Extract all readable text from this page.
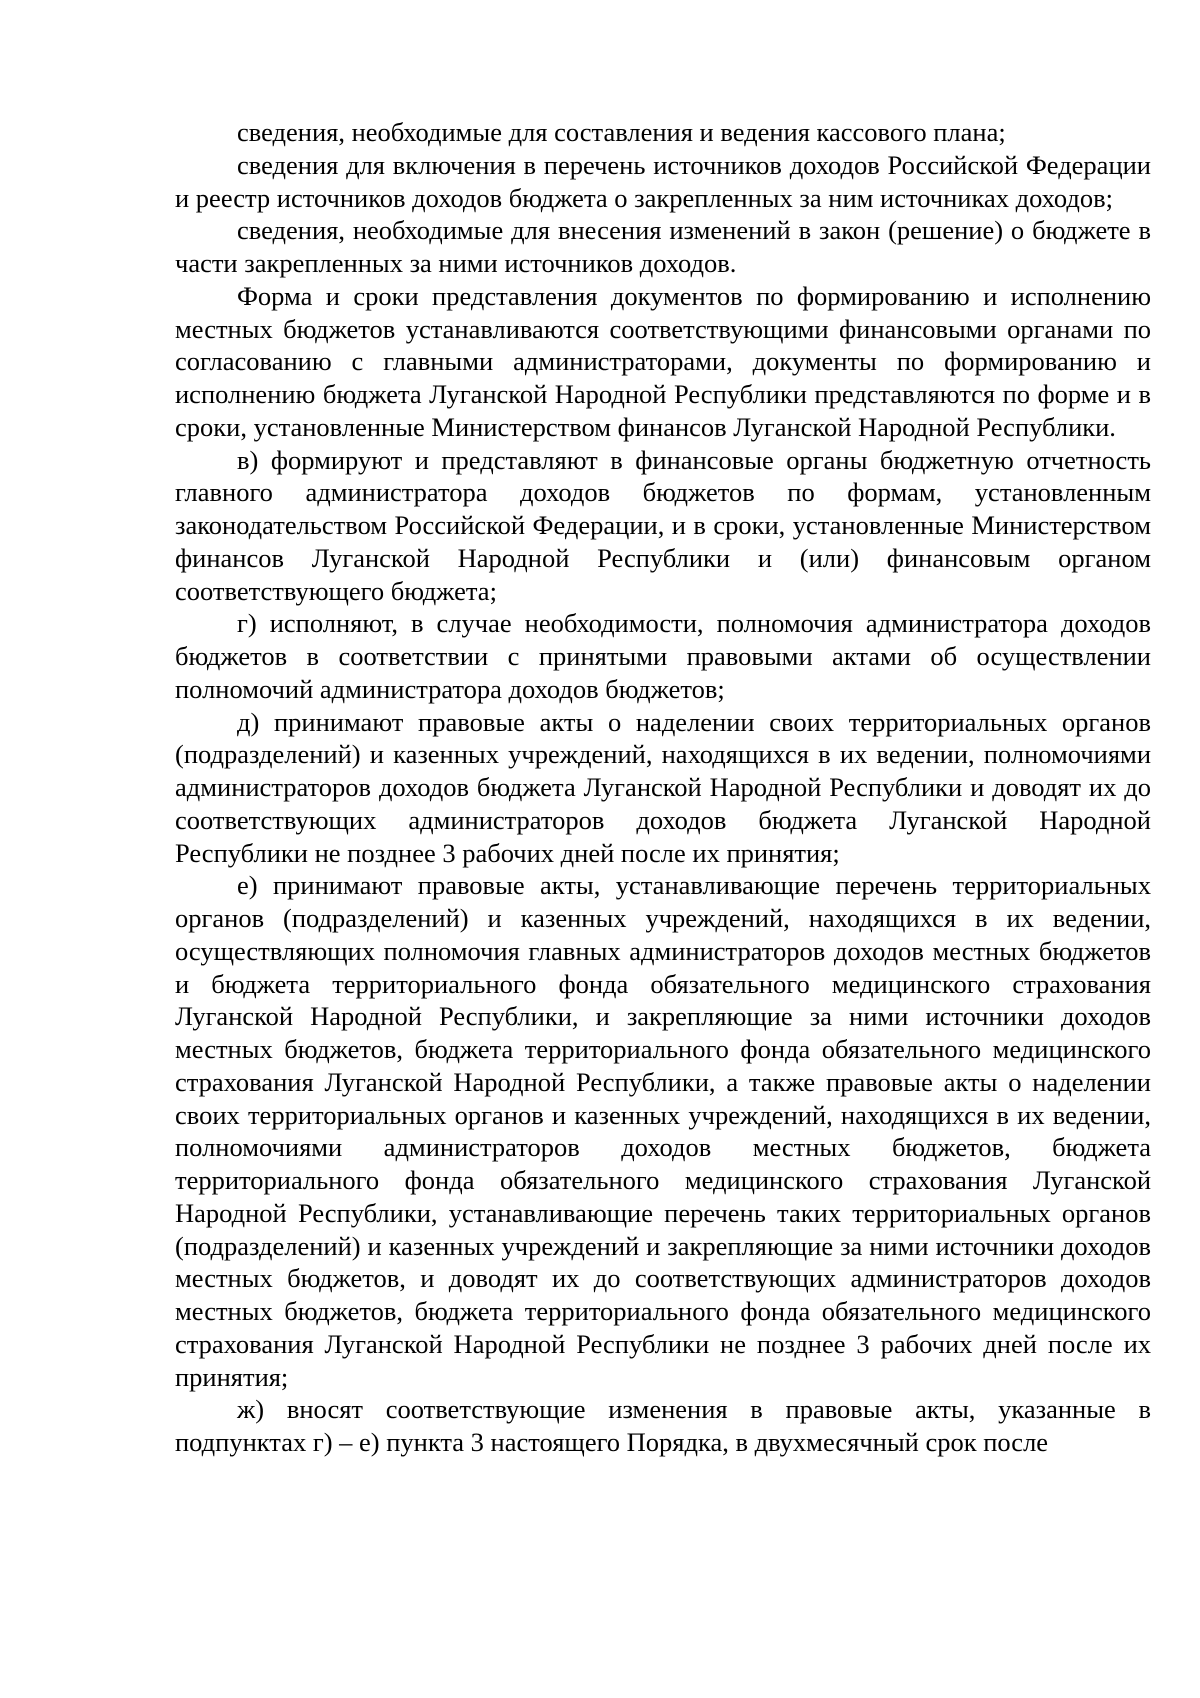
сведения, необходимые для составления и ведения кассового плана;

сведения для включения в перечень источников доходов Российской Федерации и реестр источников доходов бюджета о закрепленных за ним источниках доходов;

сведения, необходимые для внесения изменений в закон (решение) о бюджете в части закрепленных за ними источников доходов.

Форма и сроки представления документов по формированию и исполнению местных бюджетов устанавливаются соответствующими финансовыми органами по согласованию с главными администраторами, документы по формированию и исполнению бюджета Луганской Народной Республики представляются по форме и в сроки, установленные Министерством финансов Луганской Народной Республики.

в) формируют и представляют в финансовые органы бюджетную отчетность главного администратора доходов бюджетов по формам, установленным законодательством Российской Федерации, и в сроки, установленные Министерством финансов Луганской Народной Республики и (или) финансовым органом соответствующего бюджета;

г) исполняют, в случае необходимости, полномочия администратора доходов бюджетов в соответствии с принятыми правовыми актами об осуществлении полномочий администратора доходов бюджетов;

д) принимают правовые акты о наделении своих территориальных органов (подразделений) и казенных учреждений, находящихся в их ведении, полномочиями администраторов доходов бюджета Луганской Народной Республики и доводят их до соответствующих администраторов доходов бюджета Луганской Народной Республики не позднее 3 рабочих дней после их принятия;

е) принимают правовые акты, устанавливающие перечень территориальных органов (подразделений) и казенных учреждений, находящихся в их ведении, осуществляющих полномочия главных администраторов доходов местных бюджетов и бюджета территориального фонда обязательного медицинского страхования Луганской Народной Республики, и закрепляющие за ними источники доходов местных бюджетов, бюджета территориального фонда обязательного медицинского страхования Луганской Народной Республики, а также правовые акты о наделении своих территориальных органов и казенных учреждений, находящихся в их ведении, полномочиями администраторов доходов местных бюджетов, бюджета территориального фонда обязательного медицинского страхования Луганской Народной Республики, устанавливающие перечень таких территориальных органов (подразделений) и казенных учреждений и закрепляющие за ними источники доходов местных бюджетов, и доводят их до соответствующих администраторов доходов местных бюджетов, бюджета территориального фонда обязательного медицинского страхования Луганской Народной Республики не позднее 3 рабочих дней после их принятия;

ж) вносят соответствующие изменения в правовые акты, указанные в подпунктах г) – е) пункта 3 настоящего Порядка, в двухмесячный срок после
